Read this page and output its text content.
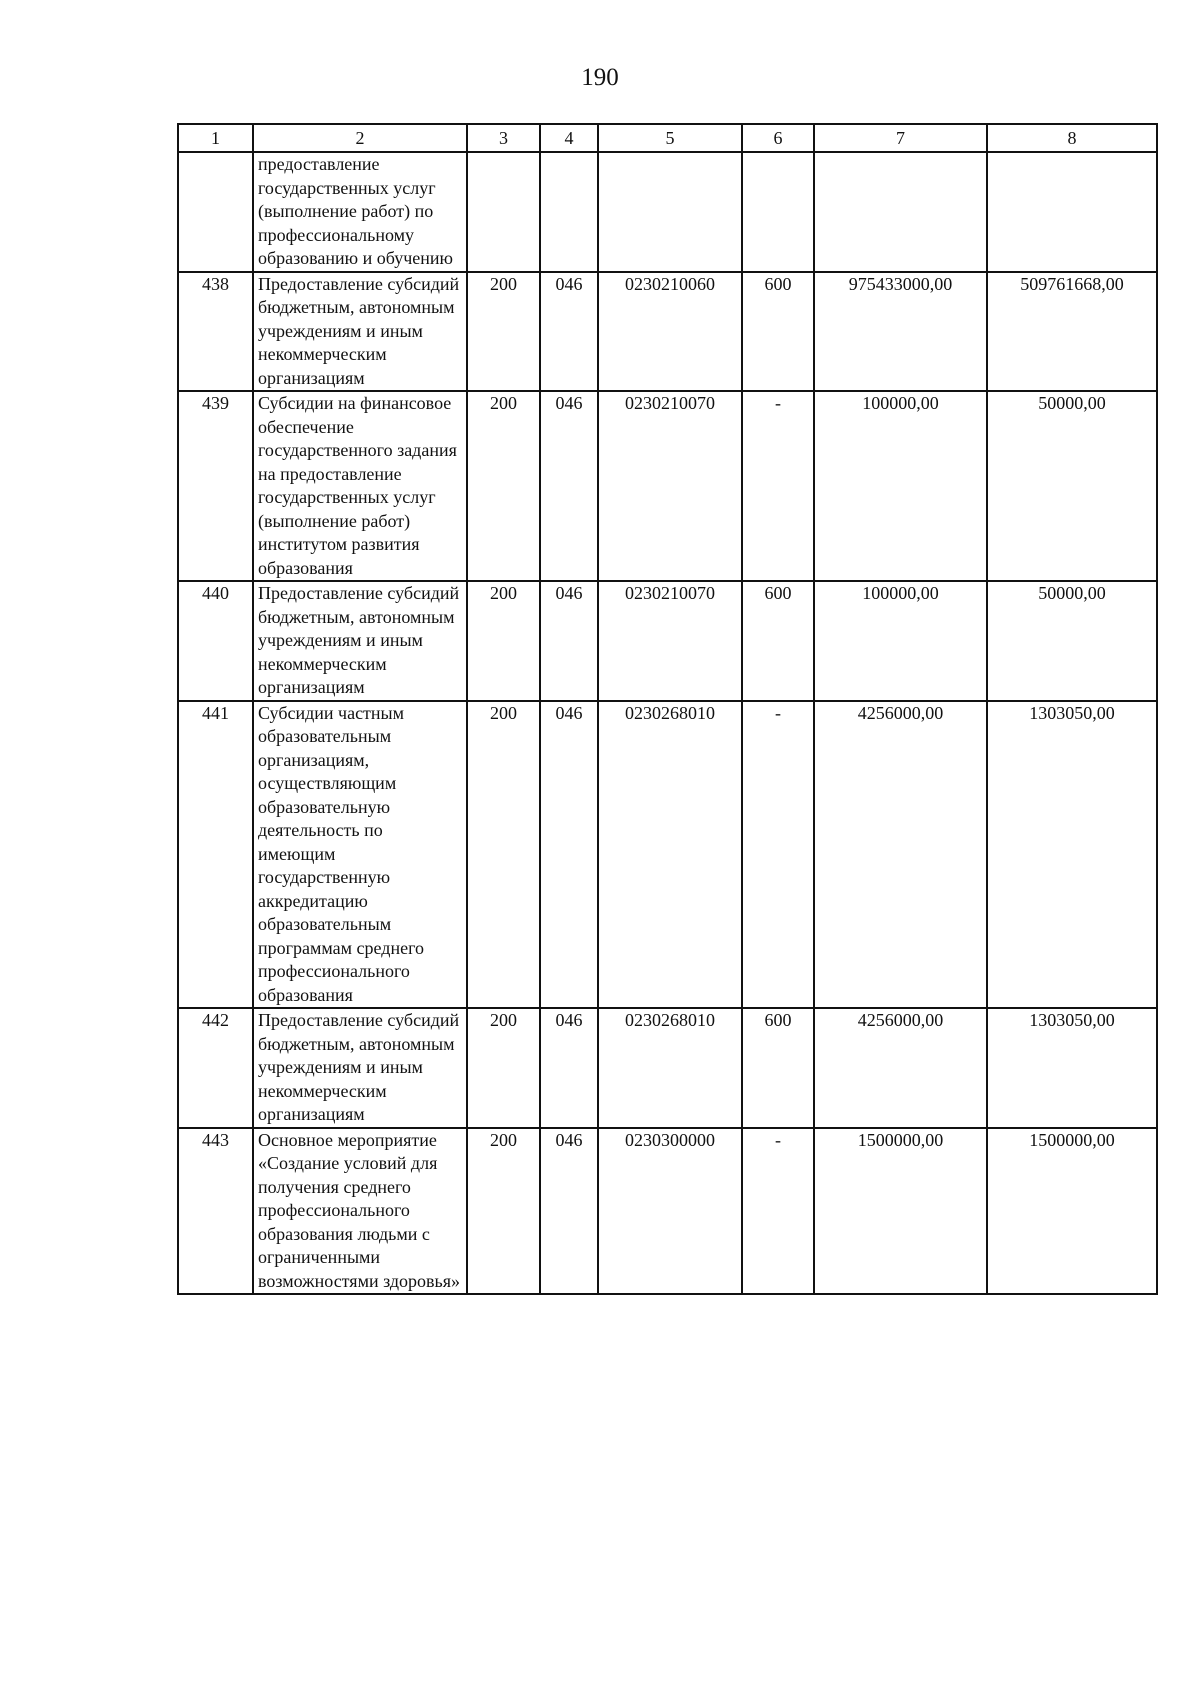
190
1	2	3	4	5	6	7	8
	предоставление государственных услуг (выполнение работ) по профессиональному образованию и обучению						
438	Предоставление субсидий бюджетным, автономным учреждениям и иным некоммерческим организациям	200	046	0230210060	600	975433000,00	509761668,00
439	Субсидии на финансовое обеспечение государственного задания на предоставление государственных услуг (выполнение работ) институтом развития образования	200	046	0230210070	-	100000,00	50000,00
440	Предоставление субсидий бюджетным, автономным учреждениям и иным некоммерческим организациям	200	046	0230210070	600	100000,00	50000,00
441	Субсидии частным образовательным организациям, осуществляющим образовательную деятельность по имеющим государственную аккредитацию образовательным программам среднего профессионального образования	200	046	0230268010	-	4256000,00	1303050,00
442	Предоставление субсидий бюджетным, автономным учреждениям и иным некоммерческим организациям	200	046	0230268010	600	4256000,00	1303050,00
443	Основное мероприятие «Создание условий для получения среднего профессионального образования людьми с ограниченными возможностями здоровья»	200	046	0230300000	-	1500000,00	1500000,00
